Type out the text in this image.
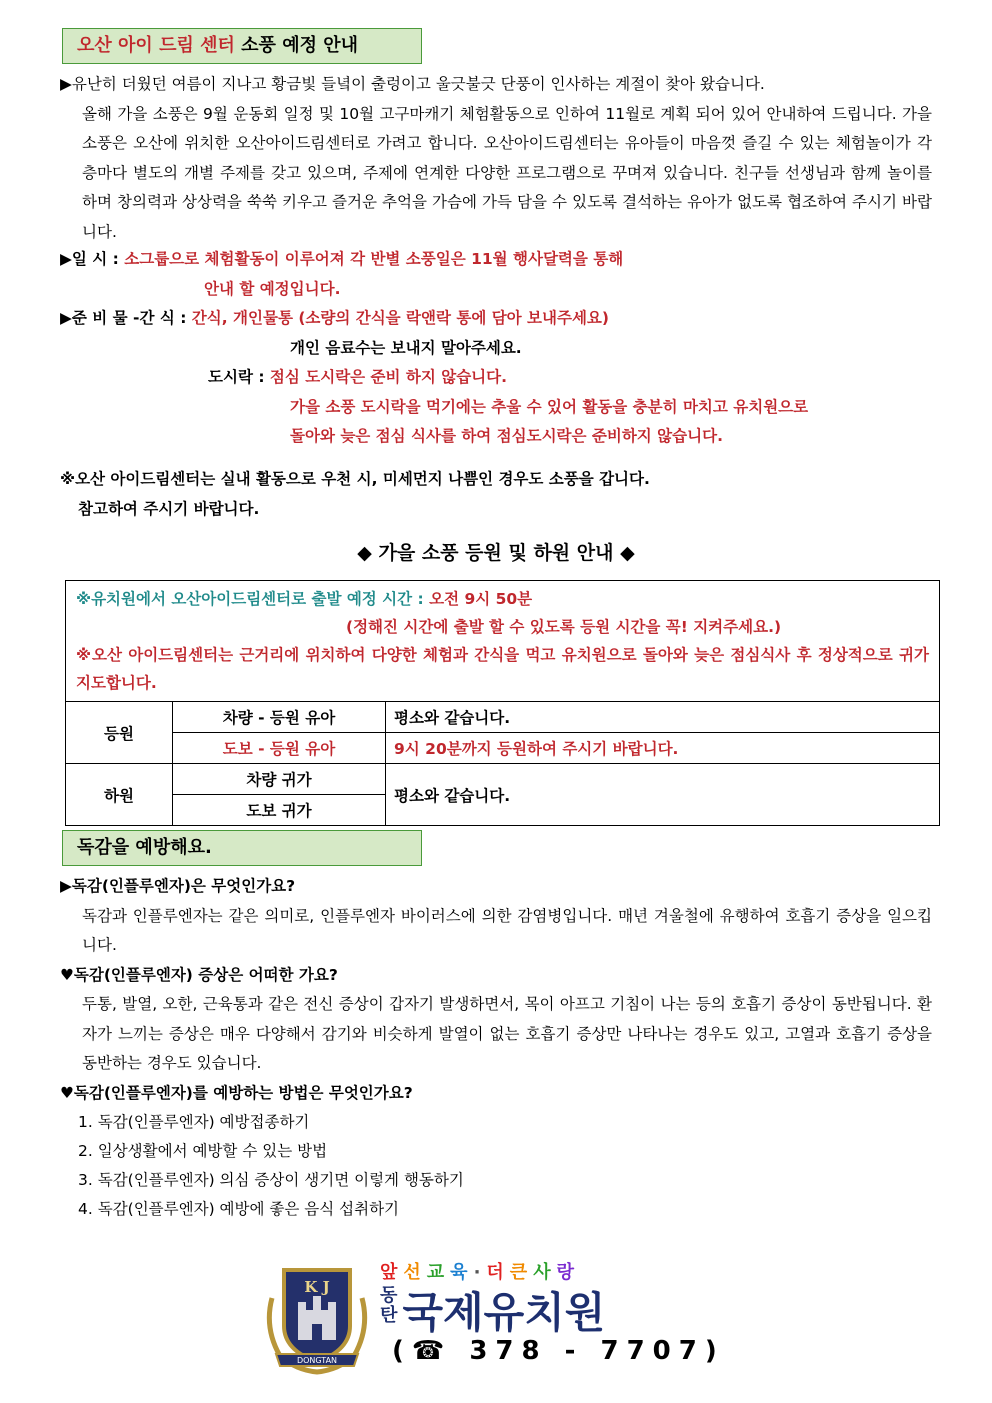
오산 아이 드림 센터 소풍 예정 안내

▶유난히 더웠던 여름이 지나고 황금빛 들녘이 출렁이고 울긋불긋 단풍이 인사하는 계절이 찾아 왔습니다.

올해 가을 소풍은 9월 운동회 일정 및 10월 고구마캐기 체험활동으로 인하여 11월로 계획 되어 있어 안내하여 드립니다. 가을 소풍은 오산에 위치한 오산아이드림센터로 가려고 합니다. 오산아이드림센터는 유아들이 마음껏 즐길 수 있는 체험놀이가 각 층마다 별도의 개별 주제를 갖고 있으며, 주제에 연계한 다양한 프로그램으로 꾸며져 있습니다. 친구들 선생님과 함께 놀이를 하며 창의력과 상상력을 쑥쑥 키우고 즐거운 추억을 가슴에 가득 담을 수 있도록 결석하는 유아가 없도록 협조하여 주시기 바랍니다.

▶일 시 : 소그룹으로 체험활동이 이루어져 각 반별 소풍일은 11월 행사달력을 통해

안내 할 예정입니다.

▶준 비 물 -간 식 : 간식, 개인물통 (소량의 간식을 락앤락 통에 담아 보내주세요)

개인 음료수는 보내지 말아주세요.

도시락 : 점심 도시락은 준비 하지 않습니다.

가을 소풍 도시락을 먹기에는 추울 수 있어 활동을 충분히 마치고 유치원으로

돌아와 늦은 점심 식사를 하여 점심도시락은 준비하지 않습니다.

※오산 아이드림센터는 실내 활동으로 우천 시, 미세먼지 나쁨인 경우도 소풍을 갑니다.

참고하여 주시기 바랍니다.

◆ 가을 소풍 등원 및 하원 안내 ◆
※유치원에서 오산아이드림센터로 출발 예정 시간 : 오전 9시 50분
(정해진 시간에 출발 할 수 있도록 등원 시간을 꼭! 지켜주세요.)
※오산 아이드림센터는 근거리에 위치하여 다양한 체험과 간식을 먹고 유치원으로 돌아와 늦은 점심식사 후 정상적으로 귀가 지도합니다.		

등원	차량 - 등원 유아	평소와 같습니다.
	도보 - 등원 유아	9시 20분까지 등원하여 주시기 바랍니다.
하원	차량 귀가	평소와 같습니다.
	도보 귀가	
독감을 예방해요.

▶독감(인플루엔자)은 무엇인가요?

독감과 인플루엔자는 같은 의미로, 인플루엔자 바이러스에 의한 감염병입니다. 매년 겨울철에 유행하여 호흡기 증상을 일으킵니다.

♥독감(인플루엔자) 증상은 어떠한 가요?

두통, 발열, 오한, 근육통과 같은 전신 증상이 갑자기 발생하면서, 목이 아프고 기침이 나는 등의 호흡기 증상이 동반됩니다. 환자가 느끼는 증상은 매우 다양해서 감기와 비슷하게 발열이 없는 호흡기 증상만 나타나는 경우도 있고, 고열과 호흡기 증상을 동반하는 경우도 있습니다.

♥독감(인플루엔자)를 예방하는 방법은 무엇인가요?

1. 독감(인플루엔자) 예방접종하기
2. 일상생활에서 예방할 수 있는 방법
3. 독감(인플루엔자) 의심 증상이 생기면 이렇게 행동하기
4. 독감(인플루엔자) 예방에 좋은 음식 섭취하기
K J
DONGTAN
앞선교육·더큰사랑
동
탄 국제유치원
(☎ 378 - 7707)
